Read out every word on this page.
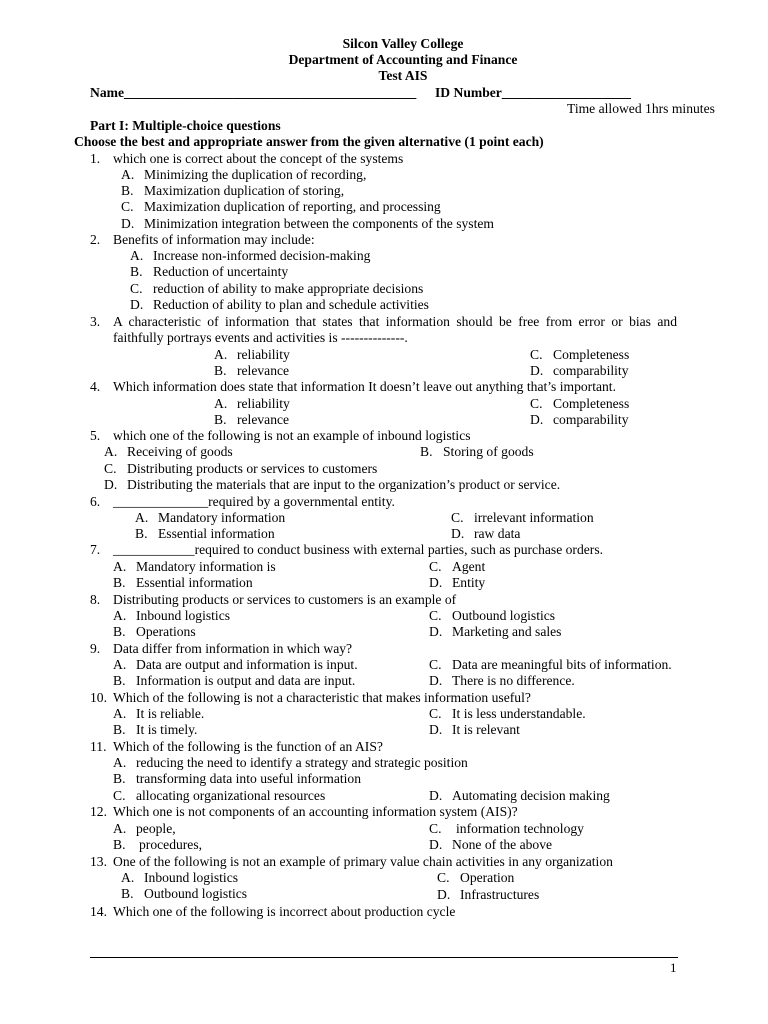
Silcon Valley College
Department of Accounting and Finance
Test AIS
Name___________________________________________ ID Number___________________
Time allowed 1hrs minutes
Part I: Multiple-choice questions
Choose the best and appropriate answer from the given alternative (1 point each)
1. which one is correct about the concept of the systems
A. Minimizing the duplication of recording,
B. Maximization duplication of storing,
C. Maximization duplication of reporting, and processing
D. Minimization integration between the components of the system
2. Benefits of information may include:
A. Increase non-informed decision-making
B. Reduction of uncertainty
C. reduction of ability to make appropriate decisions
D. Reduction of ability to plan and schedule activities
3. A characteristic of information that states that information should be free from error or bias and
faithfully portrays events and activities is --------------.
A. reliability	C. Completeness
B. relevance	D. comparability
4. Which information does state that information It doesn’t leave out anything that’s important.
A. reliability	C. Completeness
B. relevance	D. comparability
5. which one of the following is not an example of inbound logistics
A. Receiving of goods	B. Storing of goods
C. Distributing products or services to customers
D. Distributing the materials that are input to the organization’s product or service.
6. ______________required by a governmental entity.
A. Mandatory information	C. irrelevant information
B. Essential information	D. raw data
7. ____________required to conduct business with external parties, such as purchase orders.
A. Mandatory information is	C. Agent
B. Essential information	D. Entity
8. Distributing products or services to customers is an example of
A. Inbound logistics	C. Outbound logistics
B. Operations	D. Marketing and sales
9. Data differ from information in which way?
A. Data are output and information is input.	C. Data are meaningful bits of information.
B. Information is output and data are input.	D. There is no difference.
10. Which of the following is not a characteristic that makes information useful?
A. It is reliable.	C. It is less understandable.
B. It is timely.	D. It is relevant
11. Which of the following is the function of an AIS?
A. reducing the need to identify a strategy and strategic position
B. transforming data into useful information
C. allocating organizational resources	D. Automating decision making
12. Which one is not components of an accounting information system (AIS)?
A. people,	C. information technology
B. procedures,	D. None of the above
13. One of the following is not an example of primary value chain activities in any organization
A. Inbound logistics	C. Operation
B. Outbound logistics	D. Infrastructures
14. Which one of the following is incorrect about production cycle
1
